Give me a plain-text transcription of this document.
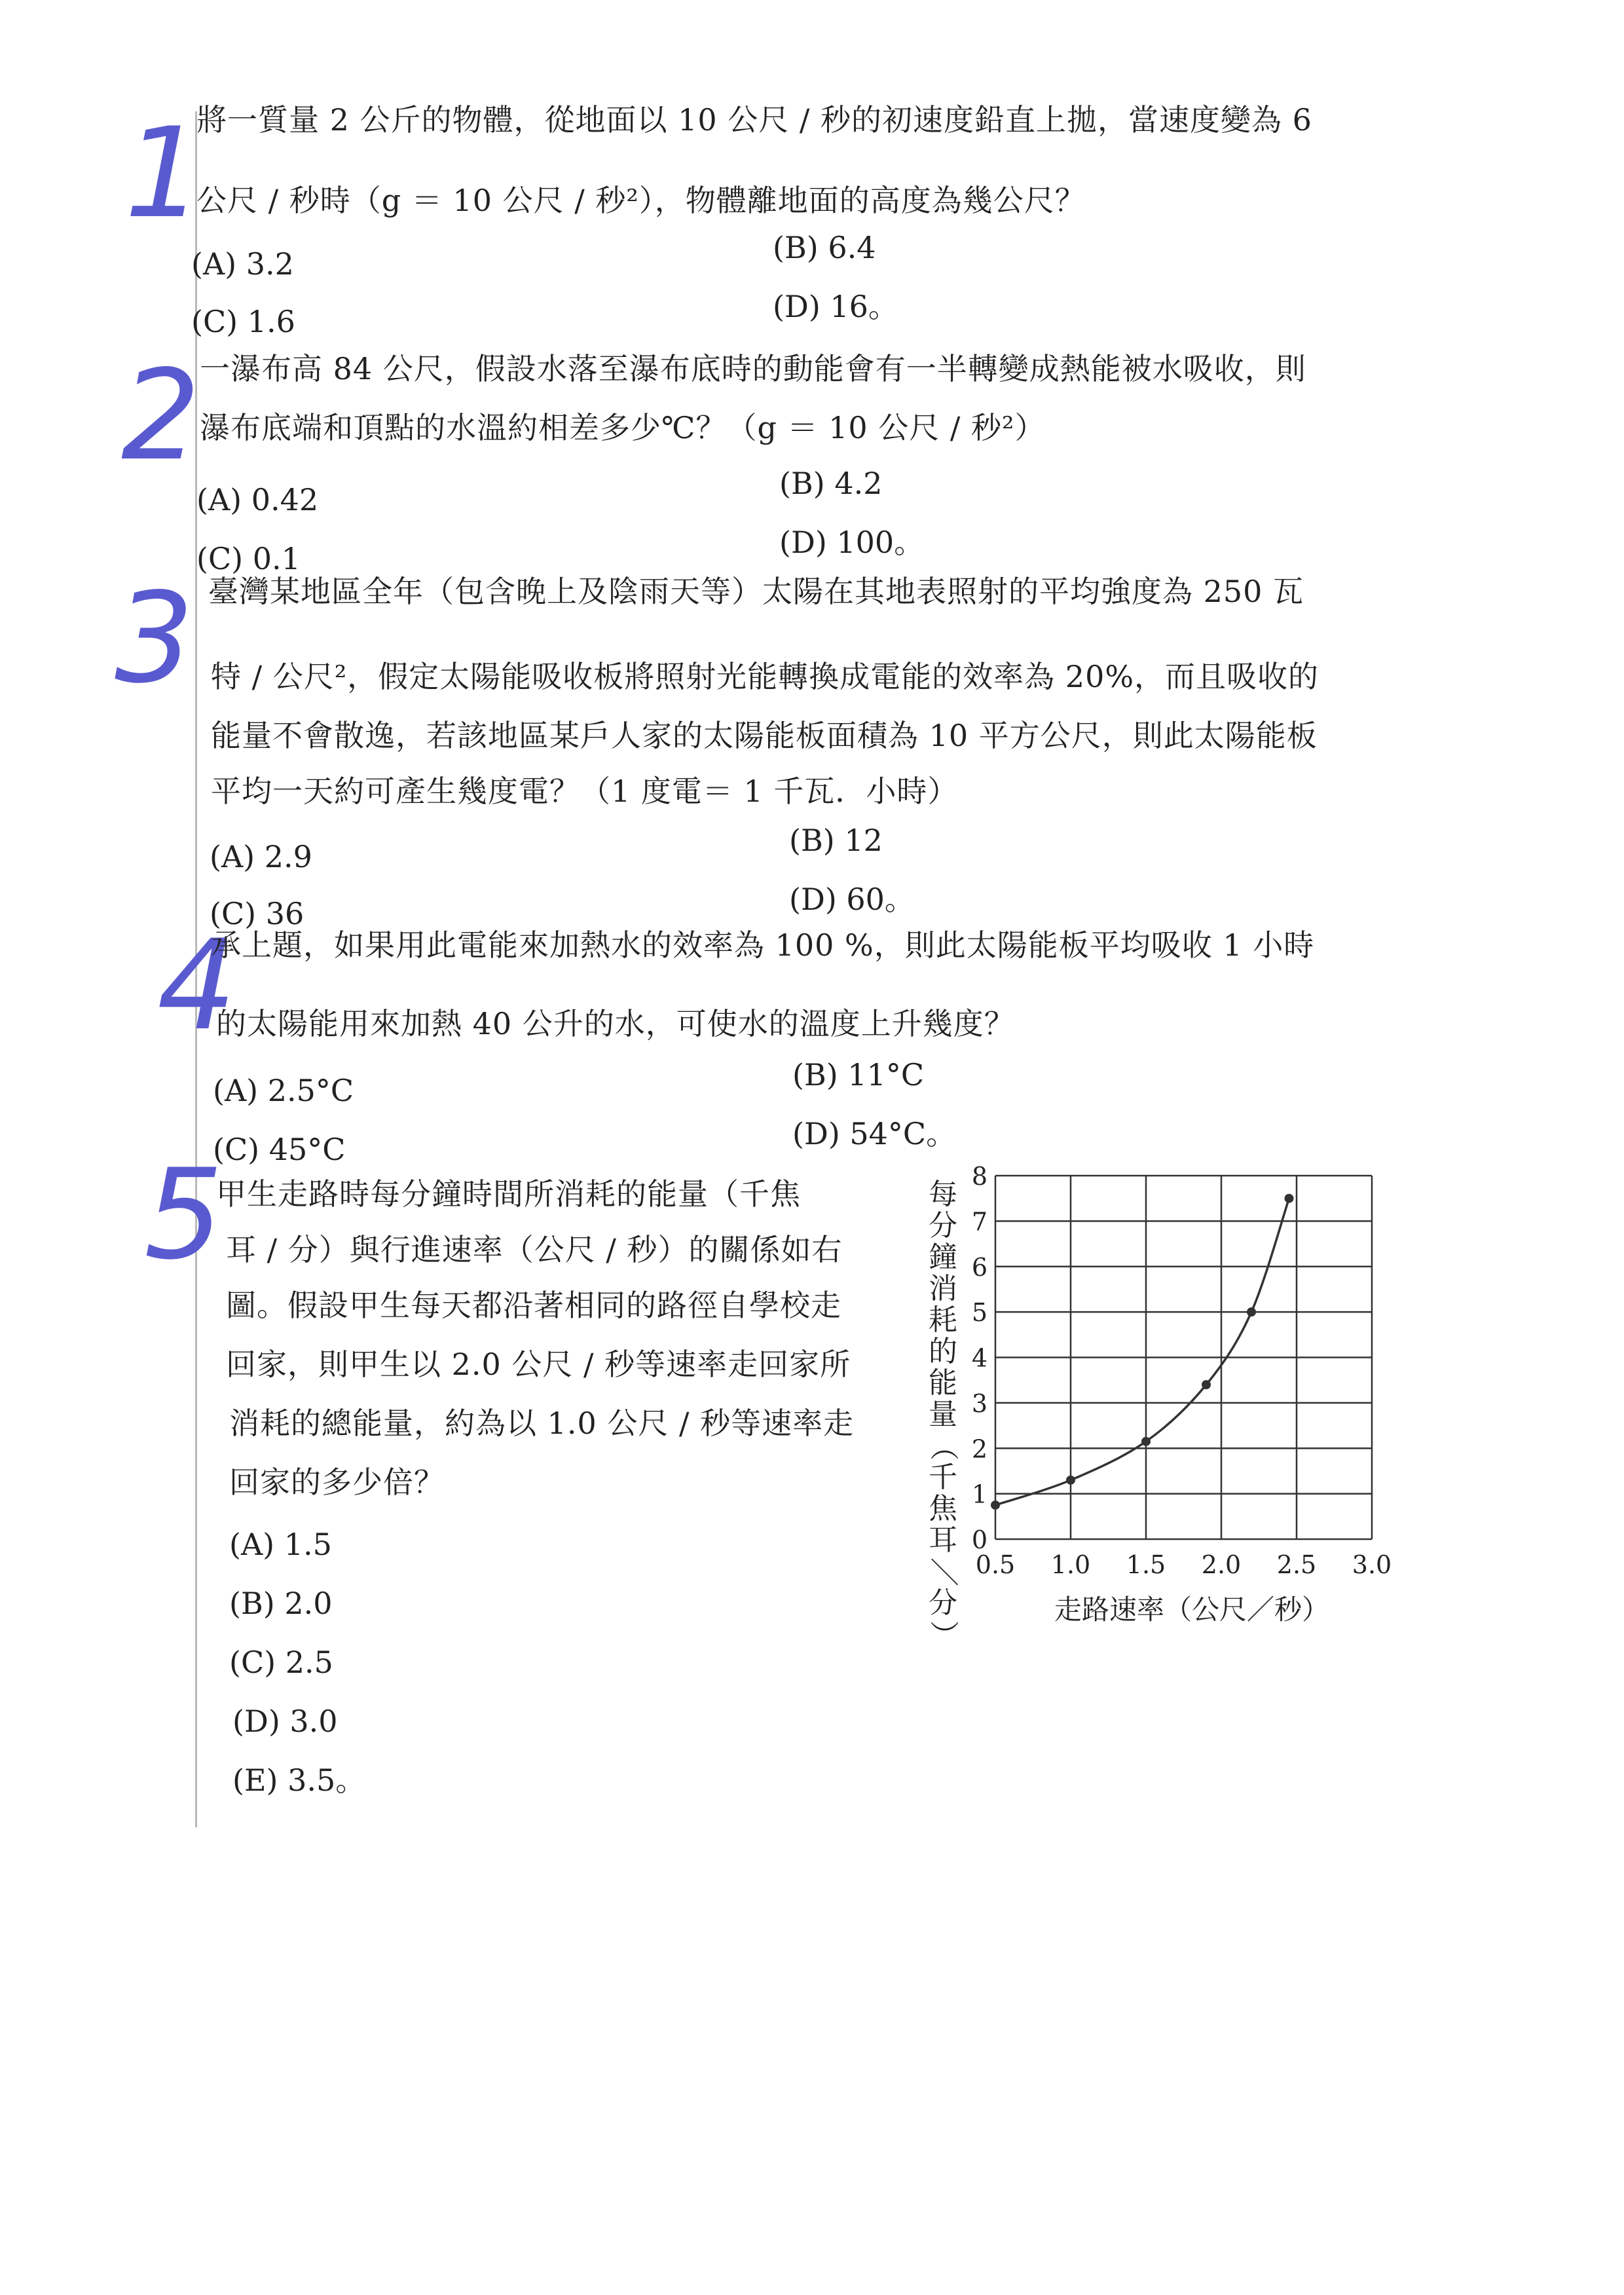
1
2
3
4
5
將一質量 2 公斤的物體，從地面以 10 公尺 / 秒的初速度鉛直上拋，當速度變為 6
公尺 / 秒時（g ＝ 10 公尺 / 秒²），物體離地面的高度為幾公尺？
(A) 3.2	(B) 6.4
(C) 1.6	(D) 16。
一瀑布高 84 公尺，假設水落至瀑布底時的動能會有一半轉變成熱能被水吸收，則
瀑布底端和頂點的水溫約相差多少℃？（g ＝ 10 公尺 / 秒²）
(A) 0.42	(B) 4.2
(C) 0.1	(D) 100。
臺灣某地區全年（包含晚上及陰雨天等）太陽在其地表照射的平均強度為 250 瓦
特 / 公尺²，假定太陽能吸收板將照射光能轉換成電能的效率為 20%，而且吸收的
能量不會散逸，若該地區某戶人家的太陽能板面積為 10 平方公尺，則此太陽能板
平均一天約可產生幾度電？（1 度電＝ 1 千瓦．小時）
(A) 2.9	(B) 12
(C) 36	(D) 60。
承上題，如果用此電能來加熱水的效率為 100 %，則此太陽能板平均吸收 1 小時
的太陽能用來加熱 40 公升的水，可使水的溫度上升幾度？
(A) 2.5°C	(B) 11°C
(C) 45°C	(D) 54°C。
甲生走路時每分鐘時間所消耗的能量（千焦
耳 / 分）與行進速率（公尺 / 秒）的關係如右
圖。假設甲生每天都沿著相同的路徑自學校走
回家，則甲生以 2.0 公尺 / 秒等速率走回家所
消耗的總能量，約為以 1.0 公尺 / 秒等速率走
回家的多少倍？
(A) 1.5
(B) 2.0
(C) 2.5
(D) 3.0
(E) 3.5。
每
分
鐘
消
耗
的
能
量
（
千
焦
耳
／
分
）
0
1
2
3
4
5
6
7
8
0.5 1.0 1.5 2.0 2.5 3.0
走路速率（公尺／秒）
